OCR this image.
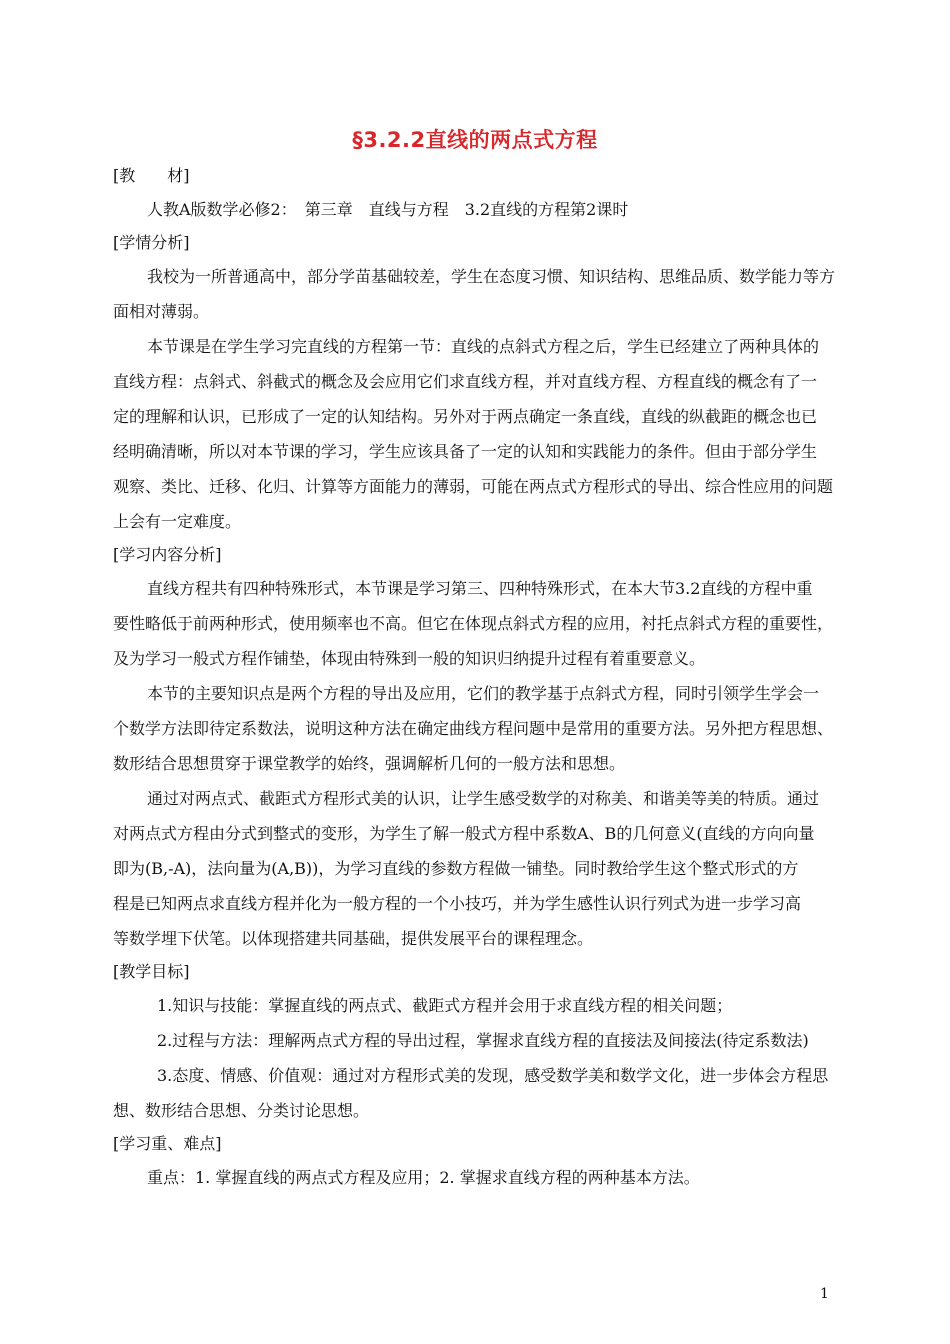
§3.2.2直线的两点式方程
[教　　材]
人教A版数学必修2：　第三章　直线与方程　3.2直线的方程第2课时
[学情分析]
我校为一所普通高中，部分学苗基础较差，学生在态度习惯、知识结构、思维品质、数学能力等方
面相对薄弱。
本节课是在学生学习完直线的方程第一节：直线的点斜式方程之后，学生已经建立了两种具体的
直线方程：点斜式、斜截式的概念及会应用它们求直线方程，并对直线方程、方程直线的概念有了一
定的理解和认识，已形成了一定的认知结构。另外对于两点确定一条直线，直线的纵截距的概念也已
经明确清晰，所以对本节课的学习，学生应该具备了一定的认知和实践能力的条件。但由于部分学生
观察、类比、迁移、化归、计算等方面能力的薄弱，可能在两点式方程形式的导出、综合性应用的问题
上会有一定难度。
[学习内容分析]
直线方程共有四种特殊形式，本节课是学习第三、四种特殊形式，在本大节3.2直线的方程中重
要性略低于前两种形式，使用频率也不高。但它在体现点斜式方程的应用，衬托点斜式方程的重要性，
及为学习一般式方程作铺垫，体现由特殊到一般的知识归纳提升过程有着重要意义。
本节的主要知识点是两个方程的导出及应用，它们的教学基于点斜式方程，同时引领学生学会一
个数学方法即待定系数法，说明这种方法在确定曲线方程问题中是常用的重要方法。另外把方程思想、
数形结合思想贯穿于课堂教学的始终，强调解析几何的一般方法和思想。
通过对两点式、截距式方程形式美的认识，让学生感受数学的对称美、和谐美等美的特质。通过
对两点式方程由分式到整式的变形，为学生了解一般式方程中系数A、B的几何意义(直线的方向向量
即为(B,-A)，法向量为(A,B))，为学习直线的参数方程做一铺垫。同时教给学生这个整式形式的方
程是已知两点求直线方程并化为一般方程的一个小技巧，并为学生感性认识行列式为进一步学习高
等数学埋下伏笔。以体现搭建共同基础，提供发展平台的课程理念。
[教学目标]
1.知识与技能：掌握直线的两点式、截距式方程并会用于求直线方程的相关问题；
2.过程与方法：理解两点式方程的导出过程，掌握求直线方程的直接法及间接法(待定系数法)
3.态度、情感、价值观：通过对方程形式美的发现，感受数学美和数学文化，进一步体会方程思
想、数形结合思想、分类讨论思想。
[学习重、难点]
重点：1. 掌握直线的两点式方程及应用；2. 掌握求直线方程的两种基本方法。
1
